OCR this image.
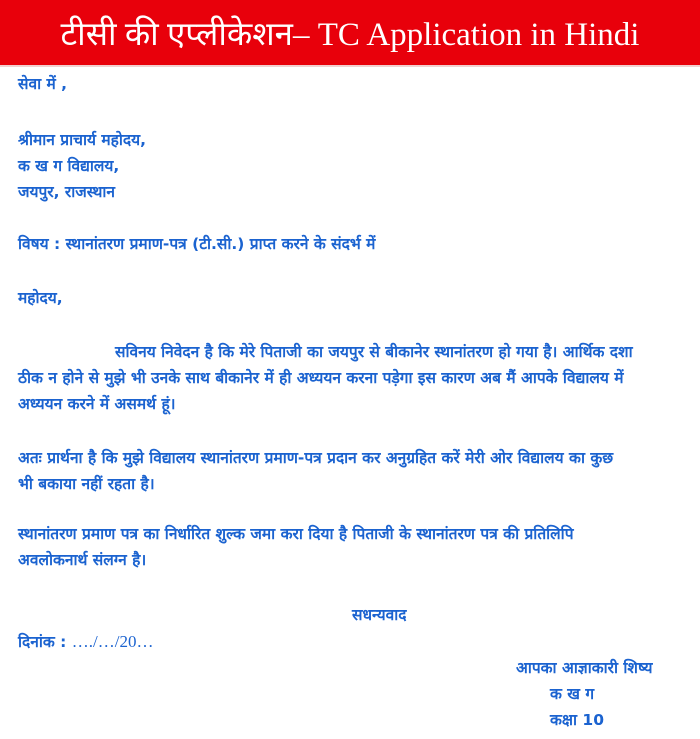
टीसी की एप्लीकेशन– TC Application in Hindi
सेवा में ,
श्रीमान प्राचार्य महोदय,
क ख ग विद्यालय,
जयपुर, राजस्थान
विषय : स्थानांतरण प्रमाण-पत्र (टी.सी.) प्राप्त करने के संदर्भ में
महोदय,
सविनय निवेदन है कि मेरे पिताजी का जयपुर से बीकानेर स्थानांतरण हो गया है। आर्थिक दशा
ठीक न होने से मुझे भी उनके साथ बीकानेर में ही अध्ययन करना पड़ेगा इस कारण अब मैं आपके विद्यालय में
अध्ययन करने में असमर्थ हूं।
अतः प्रार्थना है कि मुझे विद्यालय स्थानांतरण प्रमाण-पत्र प्रदान कर अनुग्रहित करें मेरी ओर विद्यालय का कुछ
भी बकाया नहीं रहता है।
स्थानांतरण प्रमाण पत्र का निर्धारित शुल्क जमा करा दिया है पिताजी के स्थानांतरण पत्र की प्रतिलिपि
अवलोकनार्थ संलग्न है।
सधन्यवाद
दिनांक : …./…/20…
आपका आज्ञाकारी शिष्य
क ख ग
कक्षा 10
